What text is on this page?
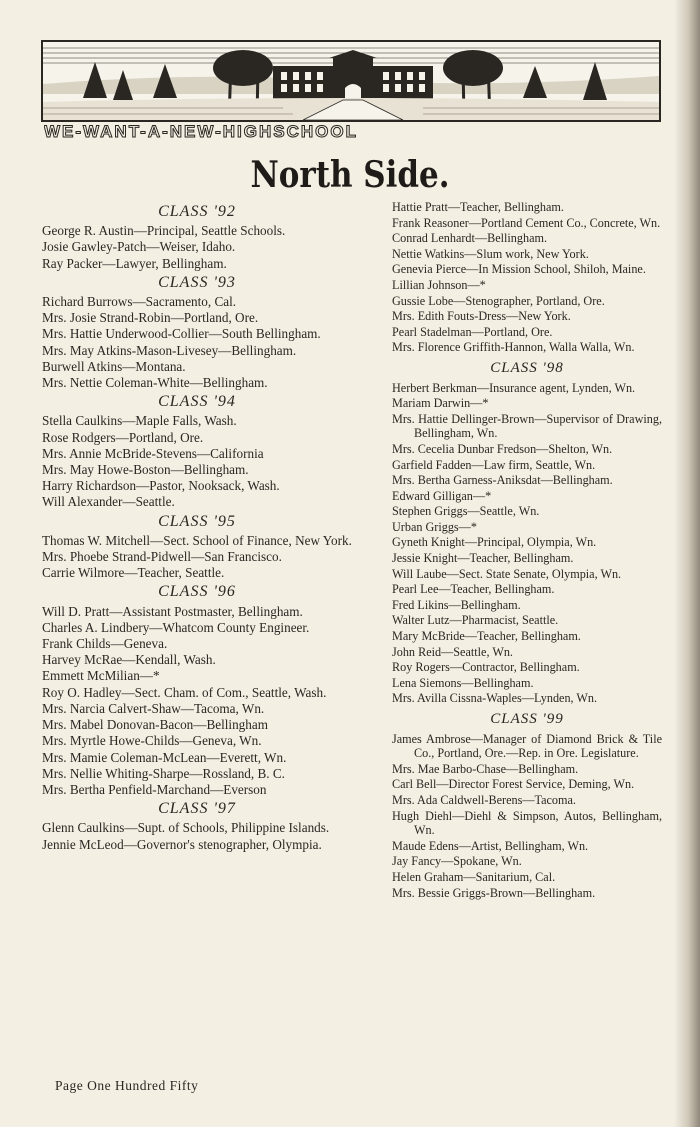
WE-WANT-A-NEW-HIGHSCHOOL
North Side.
CLASS '92
George R. Austin—Principal, Seattle Schools.
Josie Gawley-Patch—Weiser, Idaho.
Ray Packer—Lawyer, Bellingham.
CLASS '93
Richard Burrows—Sacramento, Cal.
Mrs. Josie Strand-Robin—Portland, Ore.
Mrs. Hattie Underwood-Collier—South Bellingham.
Mrs. May Atkins-Mason-Livesey—Bellingham.
Burwell Atkins—Montana.
Mrs. Nettie Coleman-White—Bellingham.
CLASS '94
Stella Caulkins—Maple Falls, Wash.
Rose Rodgers—Portland, Ore.
Mrs. Annie McBride-Stevens—California
Mrs. May Howe-Boston—Bellingham.
Harry Richardson—Pastor, Nooksack, Wash.
Will Alexander—Seattle.
CLASS '95
Thomas W. Mitchell—Sect. School of Finance, New York.
Mrs. Phoebe Strand-Pidwell—San Francisco.
Carrie Wilmore—Teacher, Seattle.
CLASS '96
Will D. Pratt—Assistant Postmaster, Bellingham.
Charles A. Lindbery—Whatcom County Engineer.
Frank Childs—Geneva.
Harvey McRae—Kendall, Wash.
Emmett McMilian—*
Roy O. Hadley—Sect. Cham. of Com., Seattle, Wash.
Mrs. Narcia Calvert-Shaw—Tacoma, Wn.
Mrs. Mabel Donovan-Bacon—Bellingham
Mrs. Myrtle Howe-Childs—Geneva, Wn.
Mrs. Mamie Coleman-McLean—Everett, Wn.
Mrs. Nellie Whiting-Sharpe—Rossland, B. C.
Mrs. Bertha Penfield-Marchand—Everson
CLASS '97
Glenn Caulkins—Supt. of Schools, Philippine Islands.
Jennie McLeod—Governor's stenographer, Olympia.
Hattie Pratt—Teacher, Bellingham.
Frank Reasoner—Portland Cement Co., Concrete, Wn.
Conrad Lenhardt—Bellingham.
Nettie Watkins—Slum work, New York.
Genevia Pierce—In Mission School, Shiloh, Maine.
Lillian Johnson—*
Gussie Lobe—Stenographer, Portland, Ore.
Mrs. Edith Fouts-Dress—New York.
Pearl Stadelman—Portland, Ore.
Mrs. Florence Griffith-Hannon, Walla Walla, Wn.
CLASS '98
Herbert Berkman—Insurance agent, Lynden, Wn.
Mariam Darwin—*
Mrs. Hattie Dellinger-Brown—Supervisor of Drawing, Bellingham, Wn.
Mrs. Cecelia Dunbar Fredson—Shelton, Wn.
Garfield Fadden—Law firm, Seattle, Wn.
Mrs. Bertha Garness-Aniksdat—Bellingham.
Edward Gilligan—*
Stephen Griggs—Seattle, Wn.
Urban Griggs—*
Gyneth Knight—Principal, Olympia, Wn.
Jessie Knight—Teacher, Bellingham.
Will Laube—Sect. State Senate, Olympia, Wn.
Pearl Lee—Teacher, Bellingham.
Fred Likins—Bellingham.
Walter Lutz—Pharmacist, Seattle.
Mary McBride—Teacher, Bellingham.
John Reid—Seattle, Wn.
Roy Rogers—Contractor, Bellingham.
Lena Siemons—Bellingham.
Mrs. Avilla Cissna-Waples—Lynden, Wn.
CLASS '99
James Ambrose—Manager of Diamond Brick & Tile Co., Portland, Ore.—Rep. in Ore. Legislature.
Mrs. Mae Barbo-Chase—Bellingham.
Carl Bell—Director Forest Service, Deming, Wn.
Mrs. Ada Caldwell-Berens—Tacoma.
Hugh Diehl—Diehl & Simpson, Autos, Bellingham, Wn.
Maude Edens—Artist, Bellingham, Wn.
Jay Fancy—Spokane, Wn.
Helen Graham—Sanitarium, Cal.
Mrs. Bessie Griggs-Brown—Bellingham.
Page One Hundred Fifty
